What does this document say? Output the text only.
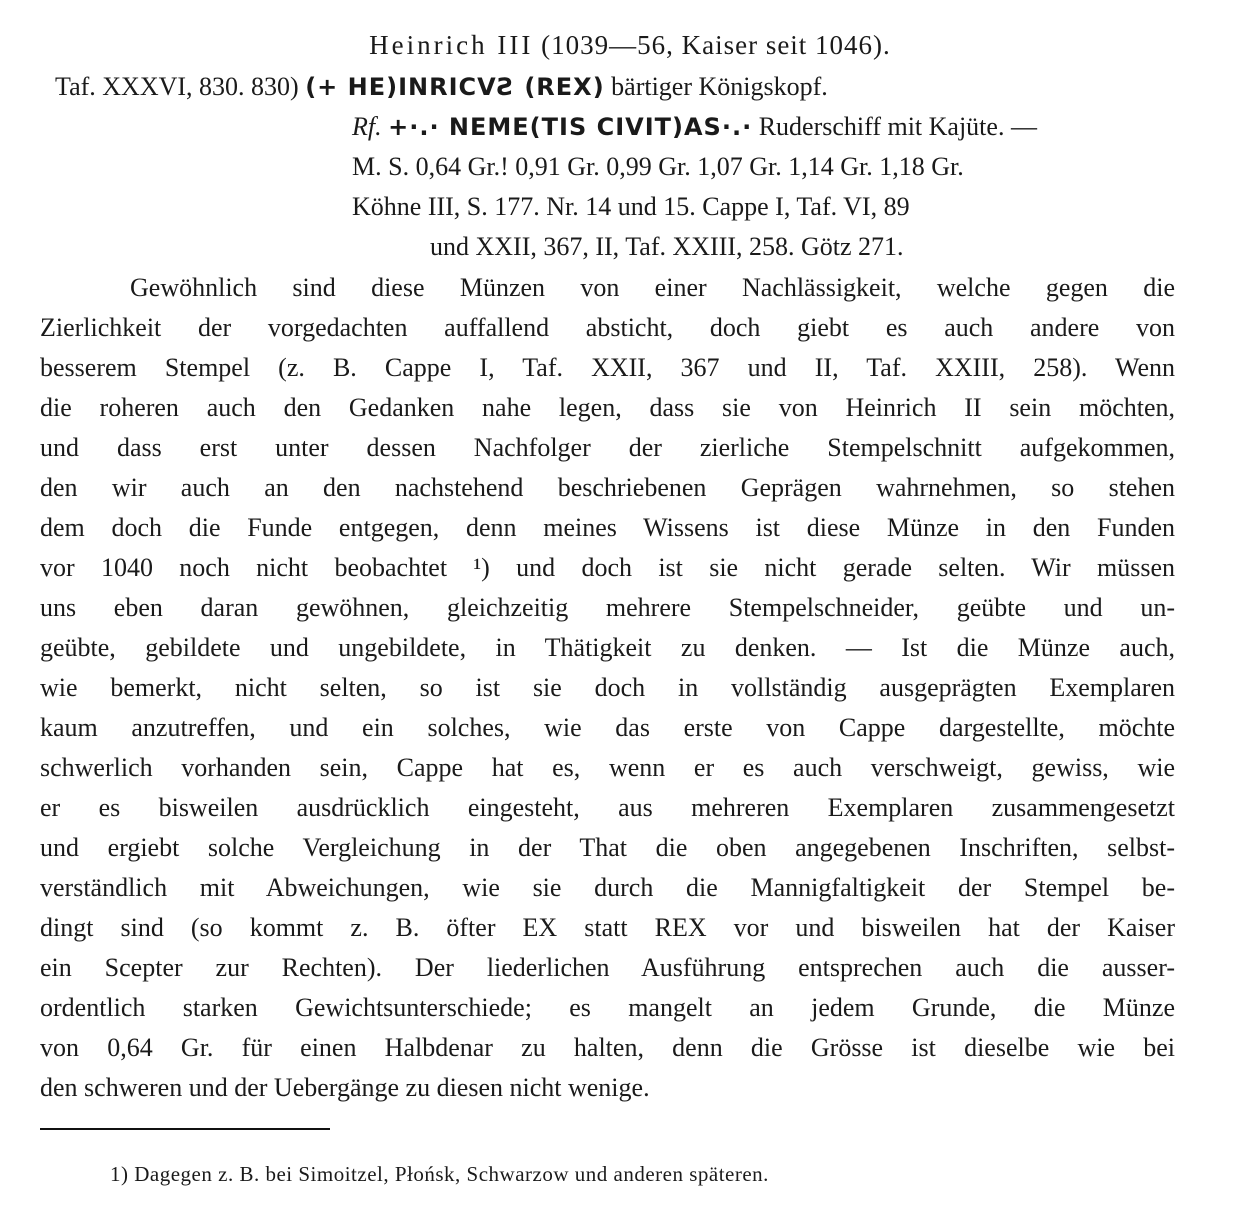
Heinrich III (1039—56, Kaiser seit 1046).
Taf. XXXVI, 830. 830) (+ HE)INRICVƧ (REX) bärtiger Königskopf.
Rf. +·.· NEME(TIS CIVIT)AS·.· Ruderschiff mit Kajüte. —
M. S. 0,64 Gr.! 0,91 Gr. 0,99 Gr. 1,07 Gr. 1,14 Gr. 1,18 Gr.
Köhne III, S. 177. Nr. 14 und 15. Cappe I, Taf. VI, 89
und XXII, 367, II, Taf. XXIII, 258. Götz 271.
Gewöhnlich sind diese Münzen von einer Nachlässigkeit, welche gegen die
Zierlichkeit der vorgedachten auffallend absticht, doch giebt es auch andere von
besserem Stempel (z. B. Cappe I, Taf. XXII, 367 und II, Taf. XXIII, 258). Wenn
die roheren auch den Gedanken nahe legen, dass sie von Heinrich II sein möchten,
und dass erst unter dessen Nachfolger der zierliche Stempelschnitt aufgekommen,
den wir auch an den nachstehend beschriebenen Geprägen wahrnehmen, so stehen
dem doch die Funde entgegen, denn meines Wissens ist diese Münze in den Funden
vor 1040 noch nicht beobachtet ¹) und doch ist sie nicht gerade selten. Wir müssen
uns eben daran gewöhnen, gleichzeitig mehrere Stempelschneider, geübte und un-
geübte, gebildete und ungebildete, in Thätigkeit zu denken. — Ist die Münze auch,
wie bemerkt, nicht selten, so ist sie doch in vollständig ausgeprägten Exemplaren
kaum anzutreffen, und ein solches, wie das erste von Cappe dargestellte, möchte
schwerlich vorhanden sein, Cappe hat es, wenn er es auch verschweigt, gewiss, wie
er es bisweilen ausdrücklich eingesteht, aus mehreren Exemplaren zusammengesetzt
und ergiebt solche Vergleichung in der That die oben angegebenen Inschriften, selbst-
verständlich mit Abweichungen, wie sie durch die Mannigfaltigkeit der Stempel be-
dingt sind (so kommt z. B. öfter EX statt REX vor und bisweilen hat der Kaiser
ein Scepter zur Rechten). Der liederlichen Ausführung entsprechen auch die ausser-
ordentlich starken Gewichtsunterschiede; es mangelt an jedem Grunde, die Münze
von 0,64 Gr. für einen Halbdenar zu halten, denn die Grösse ist dieselbe wie bei
den schweren und der Uebergänge zu diesen nicht wenige.
1) Dagegen z. B. bei Simoitzel, Płońsk, Schwarzow und anderen späteren.
